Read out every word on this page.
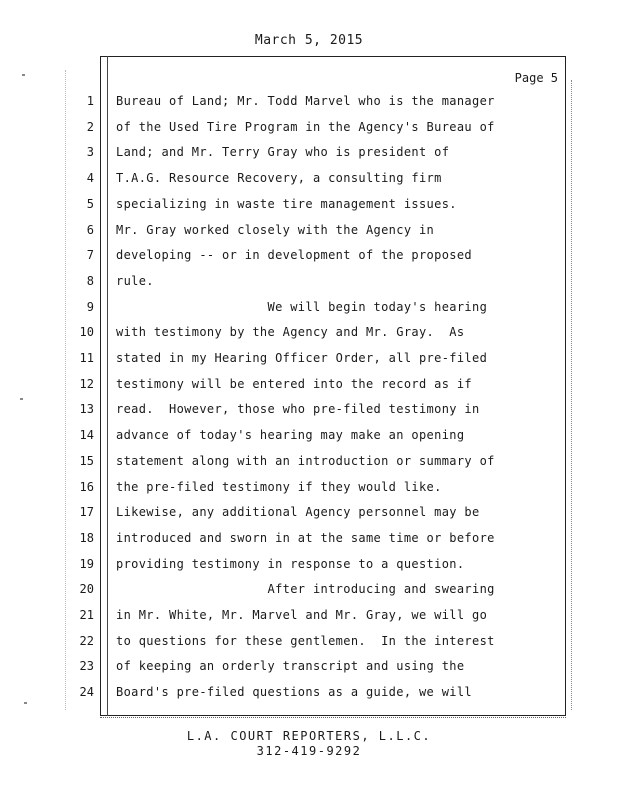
March 5, 2015
Page 5
1 Bureau of Land; Mr. Todd Marvel who is the manager
2 of the Used Tire Program in the Agency's Bureau of
3 Land; and Mr. Terry Gray who is president of
4 T.A.G. Resource Recovery, a consulting firm
5 specializing in waste tire management issues.
6 Mr. Gray worked closely with the Agency in
7 developing -- or in development of the proposed
8 rule.
9 We will begin today's hearing
10 with testimony by the Agency and Mr. Gray.  As
11 stated in my Hearing Officer Order, all pre-filed
12 testimony will be entered into the record as if
13 read.  However, those who pre-filed testimony in
14 advance of today's hearing may make an opening
15 statement along with an introduction or summary of
16 the pre-filed testimony if they would like.
17 Likewise, any additional Agency personnel may be
18 introduced and sworn in at the same time or before
19 providing testimony in response to a question.
20 After introducing and swearing
21 in Mr. White, Mr. Marvel and Mr. Gray, we will go
22 to questions for these gentlemen.  In the interest
23 of keeping an orderly transcript and using the
24 Board's pre-filed questions as a guide, we will
L.A. COURT REPORTERS, L.L.C.
312-419-9292
